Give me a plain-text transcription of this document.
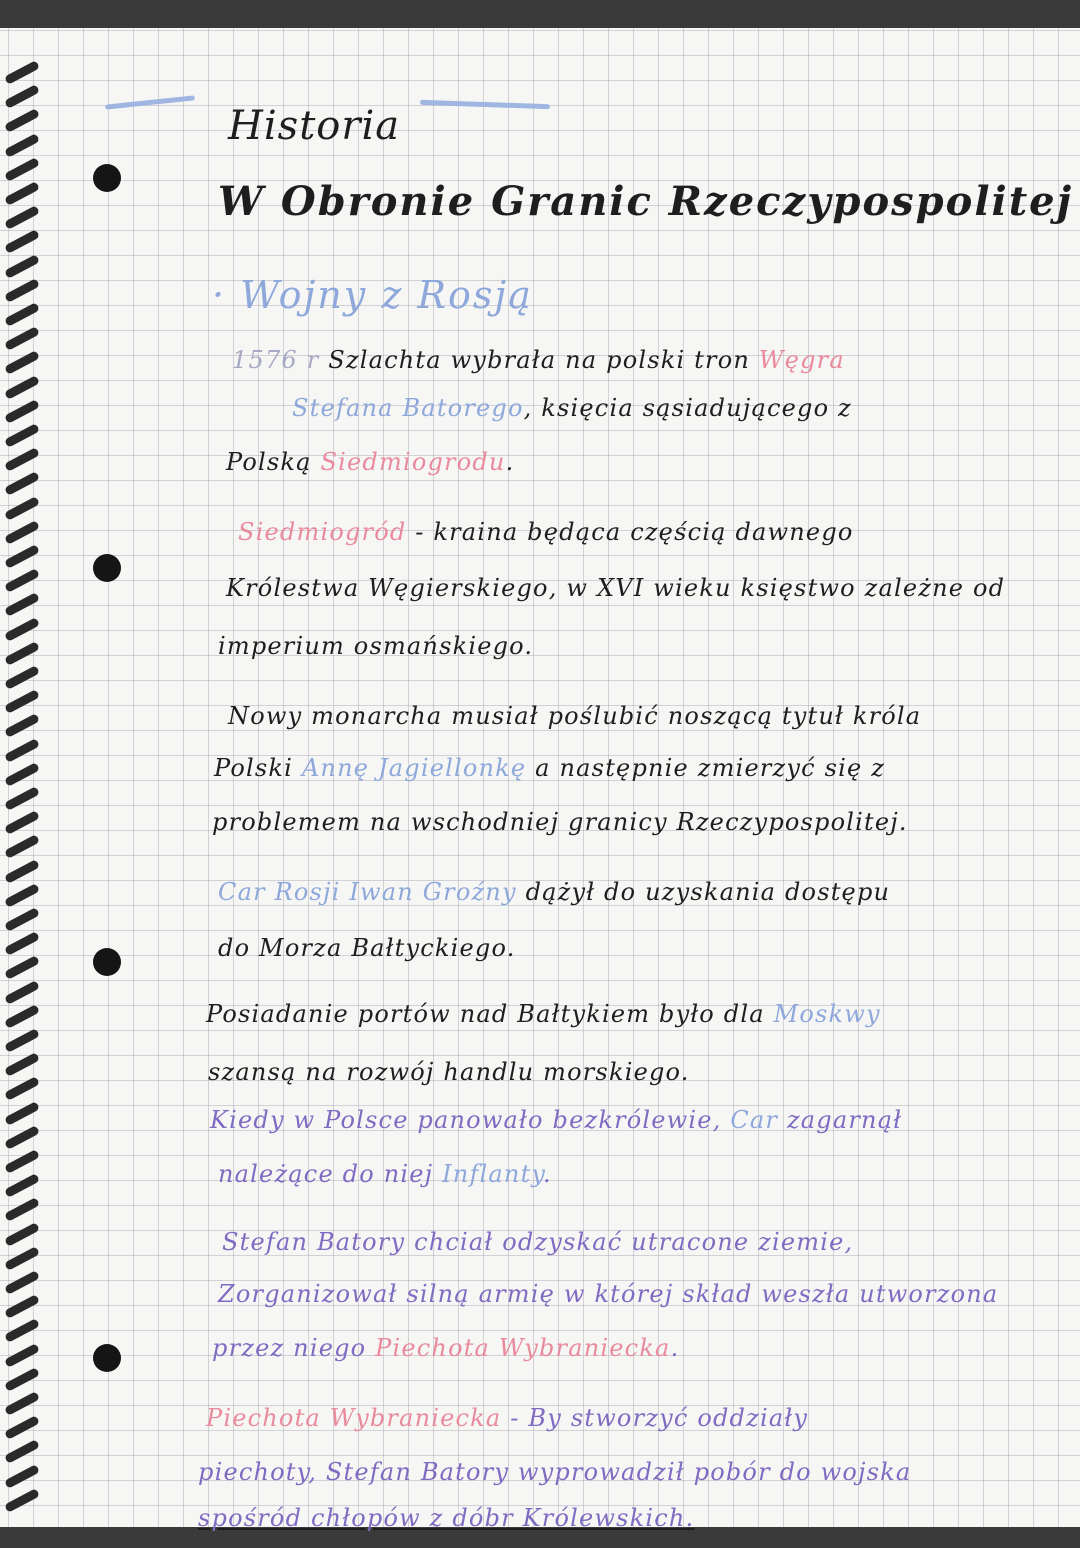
Historia
W Obronie Granic Rzeczypospolitej
· Wojny z Rosją
1576 r Szlachta wybrała na polski tron Węgra
Stefana Batorego, księcia sąsiadującego z
Polską Siedmiogrodu.
Siedmiogród - kraina będąca częścią dawnego
Królestwa Węgierskiego, w XVI wieku księstwo zależne od
imperium osmańskiego.
Nowy monarcha musiał poślubić noszącą tytuł króla
Polski Annę Jagiellonkę a następnie zmierzyć się z
problemem na wschodniej granicy Rzeczypospolitej.
Car Rosji Iwan Groźny dążył do uzyskania dostępu
do Morza Bałtyckiego.
Posiadanie portów nad Bałtykiem było dla Moskwy
szansą na rozwój handlu morskiego.
Kiedy w Polsce panowało bezkrólewie, Car zagarnął
należące do niej Inflanty.
Stefan Batory chciał odzyskać utracone ziemie,
Zorganizował silną armię w której skład weszła utworzona
przez niego Piechota Wybraniecka.
Piechota Wybraniecka - By stworzyć oddziały
piechoty, Stefan Batory wyprowadził pobór do wojska
spośród chłopów z dóbr Królewskich.
